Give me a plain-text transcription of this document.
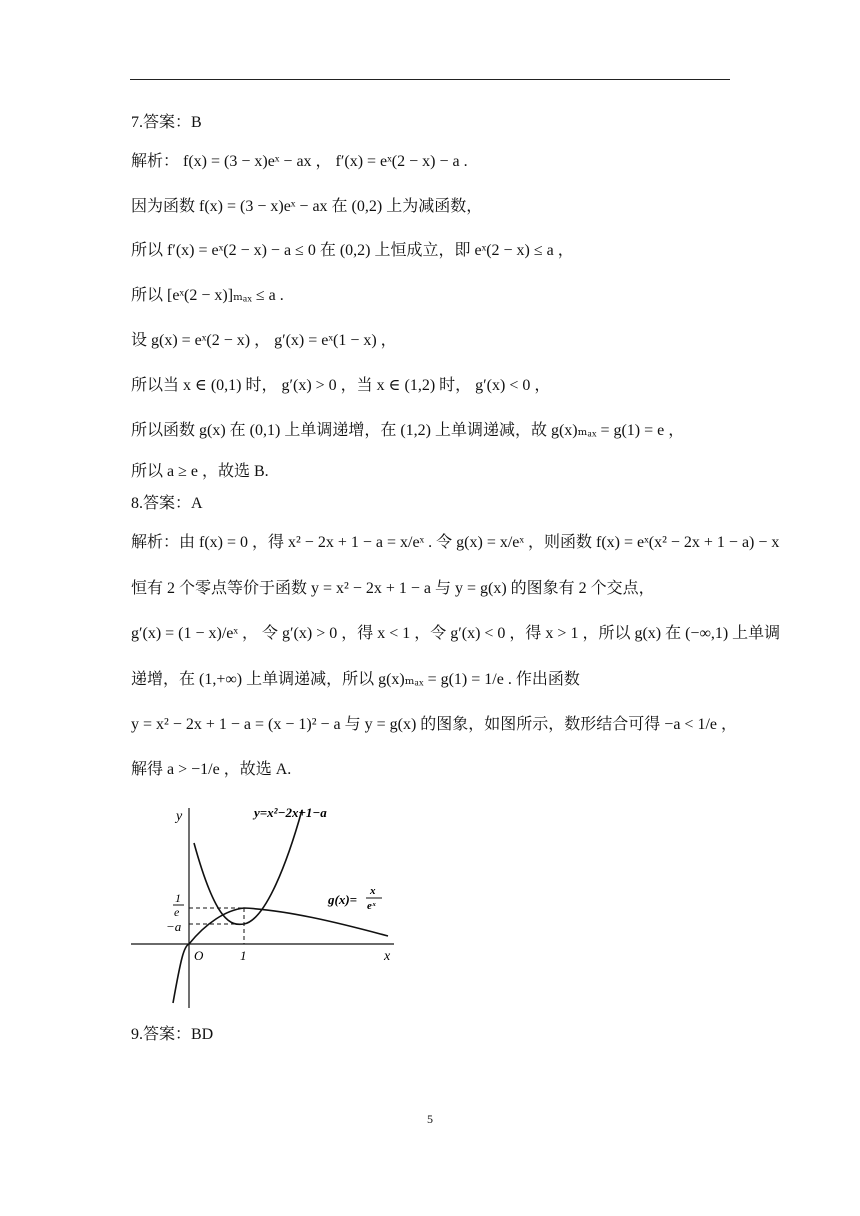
7.答案：B
解析： f(x) = (3 − x)eˣ − ax ， f′(x) = eˣ(2 − x) − a .
因为函数 f(x) = (3 − x)eˣ − ax 在 (0,2) 上为减函数，
所以 f′(x) = eˣ(2 − x) − a ≤ 0 在 (0,2) 上恒成立，即 eˣ(2 − x) ≤ a ，
所以 [eˣ(2 − x)]ₘₐₓ ≤ a .
设 g(x) = eˣ(2 − x) ， g′(x) = eˣ(1 − x) ，
所以当 x ∈ (0,1) 时， g′(x) > 0 ，当 x ∈ (1,2) 时， g′(x) < 0 ，
所以函数 g(x) 在 (0,1) 上单调递增，在 (1,2) 上单调递减，故 g(x)ₘₐₓ = g(1) = e ，
所以 a ≥ e ，故选 B.
8.答案：A
解析：由 f(x) = 0 ，得 x² − 2x + 1 − a = x/eˣ . 令 g(x) = x/eˣ ，则函数 f(x) = eˣ(x² − 2x + 1 − a) − x
恒有 2 个零点等价于函数 y = x² − 2x + 1 − a 与 y = g(x) 的图象有 2 个交点，
g′(x) = (1 − x)/eˣ ， 令 g′(x) > 0 ，得 x < 1 ，令 g′(x) < 0 ，得 x > 1 ，所以 g(x) 在 (−∞,1) 上单调
递增，在 (1,+∞) 上单调递减，所以 g(x)ₘₐₓ = g(1) = 1/e . 作出函数
y = x² − 2x + 1 − a = (x − 1)² − a 与 y = g(x) 的图象，如图所示，数形结合可得 −a < 1/e ，
解得 a > −1/e ，故选 A.
y
x
O	1
1
e
−a
y=x²−2x+1−a
g(x)=
x
eˣ
9.答案：BD
5
